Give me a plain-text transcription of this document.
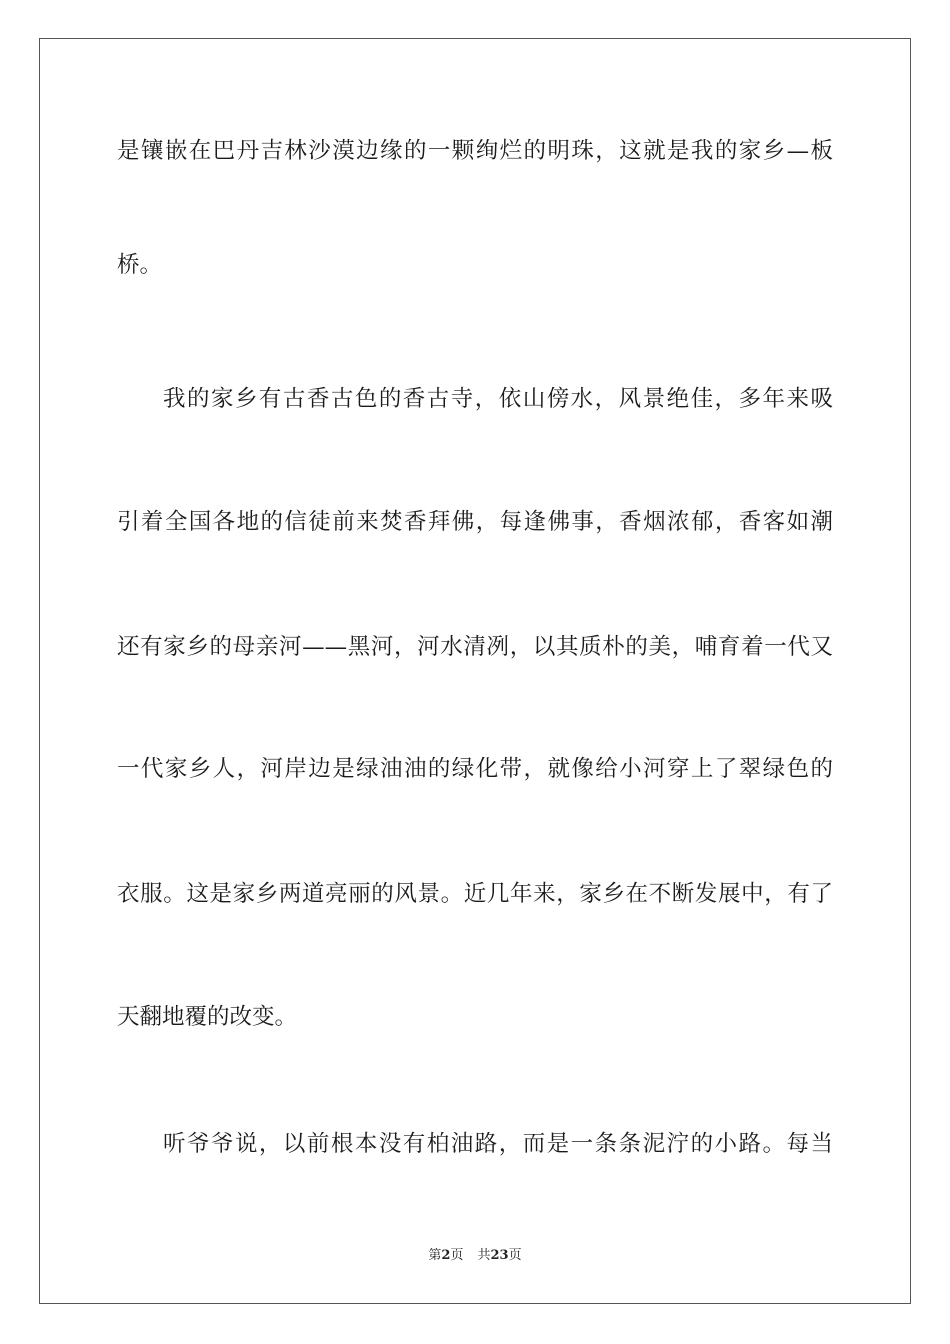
是镶嵌在巴丹吉林沙漠边缘的一颗绚烂的明珠，这就是我的家乡—板
桥。
我的家乡有古香古色的香古寺，依山傍水，风景绝佳，多年来吸
引着全国各地的信徒前来焚香拜佛，每逢佛事，香烟浓郁，香客如潮
还有家乡的母亲河——黑河，河水清冽，以其质朴的美，哺育着一代又
一代家乡人，河岸边是绿油油的绿化带，就像给小河穿上了翠绿色的
衣服。这是家乡两道亮丽的风景。近几年来，家乡在不断发展中，有了
天翻地覆的改变。
听爷爷说，以前根本没有柏油路，而是一条条泥泞的小路。每当
第2页 共23页
